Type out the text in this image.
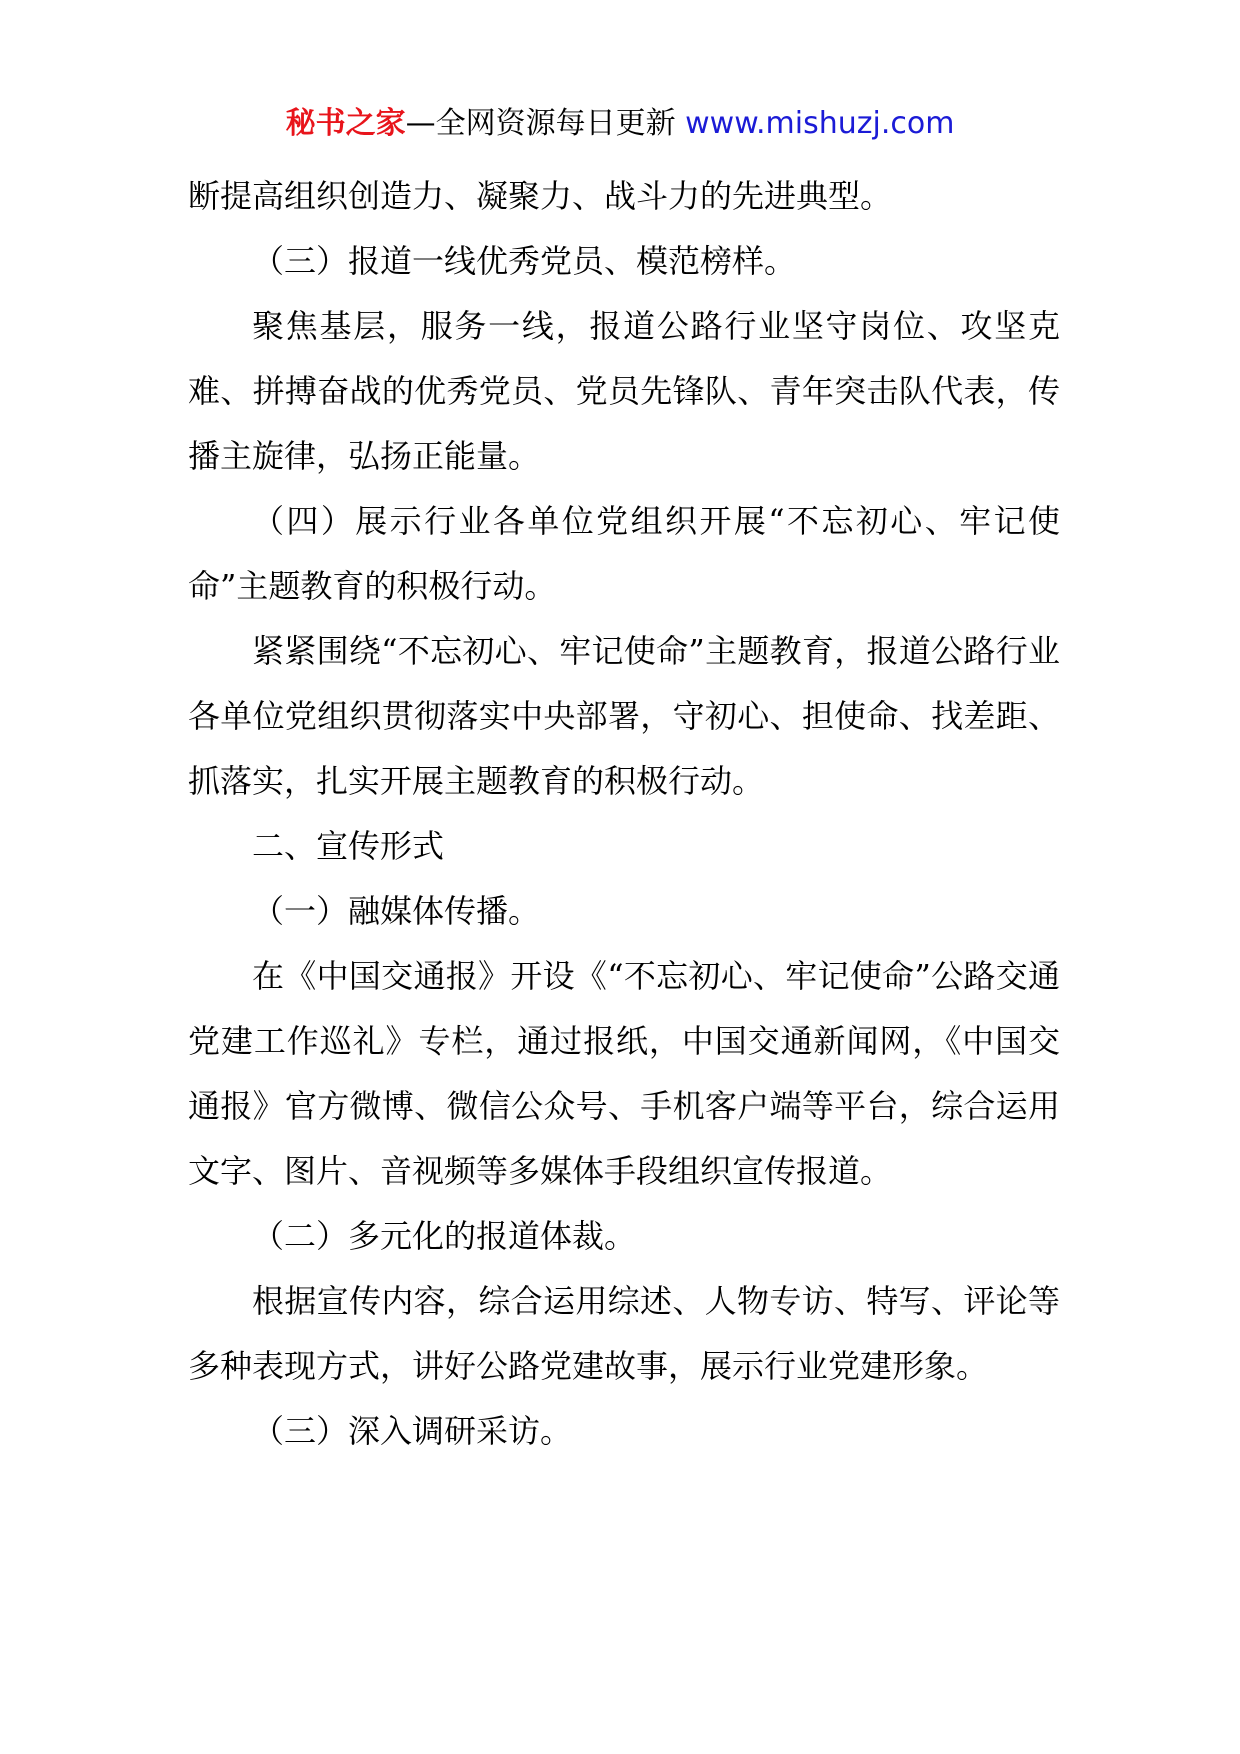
秘书之家—全网资源每日更新 www.mishuzj.com

断提高组织创造力、凝聚力、战斗力的先进典型。

（三）报道一线优秀党员、模范榜样。

聚焦基层，服务一线，报道公路行业坚守岗位、攻坚克难、拼搏奋战的优秀党员、党员先锋队、青年突击队代表，传播主旋律，弘扬正能量。

（四）展示行业各单位党组织开展“不忘初心、牢记使命”主题教育的积极行动。

紧紧围绕“不忘初心、牢记使命”主题教育，报道公路行业各单位党组织贯彻落实中央部署，守初心、担使命、找差距、抓落实，扎实开展主题教育的积极行动。

二、宣传形式

（一）融媒体传播。

在《中国交通报》开设《“不忘初心、牢记使命”公路交通党建工作巡礼》专栏，通过报纸，中国交通新闻网，《中国交通报》官方微博、微信公众号、手机客户端等平台，综合运用文字、图片、音视频等多媒体手段组织宣传报道。

（二）多元化的报道体裁。

根据宣传内容，综合运用综述、人物专访、特写、评论等多种表现方式，讲好公路党建故事，展示行业党建形象。

（三）深入调研采访。
